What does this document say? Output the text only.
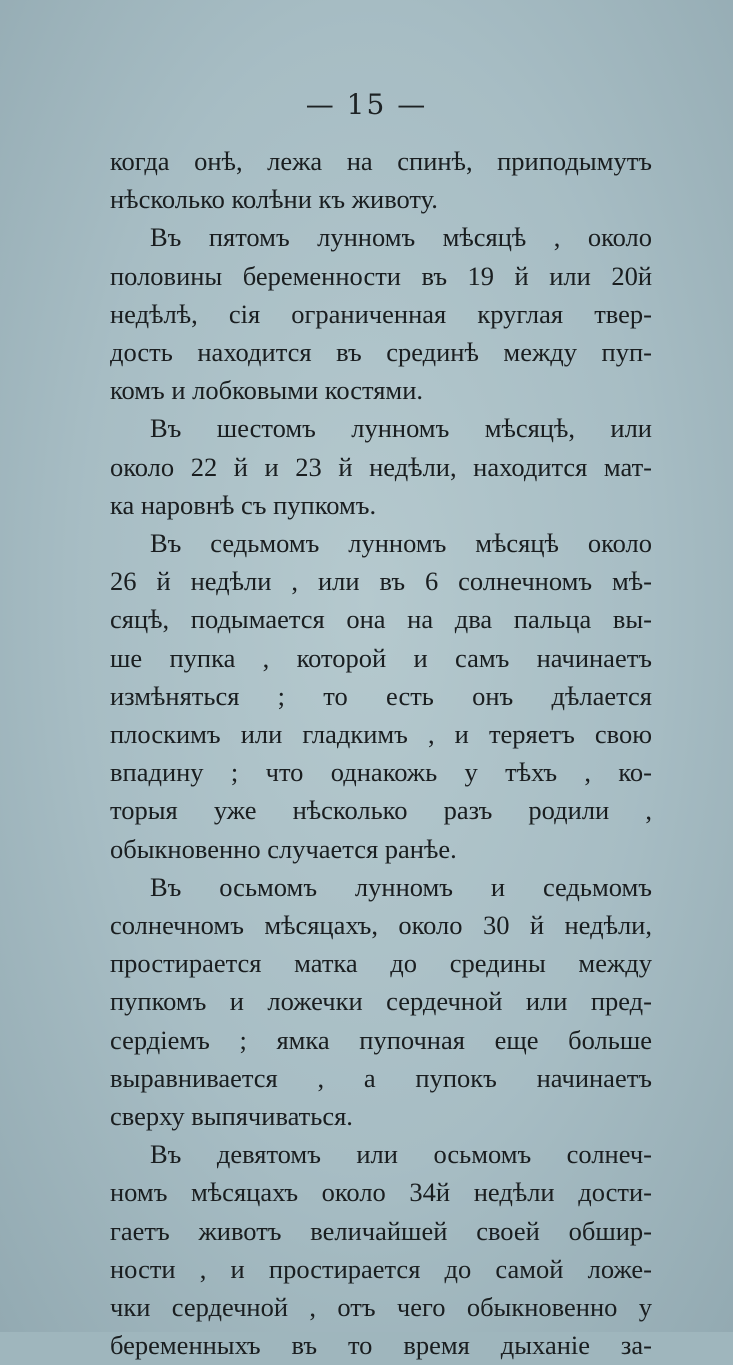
— 15 —

когда онѣ, лежа на спинѣ, приподымутъ
нѣсколько колѣни къ животу.

Въ пятомъ лунномъ мѣсяцѣ , около
половины беременности въ 19 й или 20й
недѣлѣ, сія ограниченная круглая твер-
дость находится въ срединѣ между пуп-
комъ и лобковыми костями.

Въ шестомъ лунномъ мѣсяцѣ, или
около 22 й и 23 й недѣли, находится мат-
ка наровнѣ съ пупкомъ.

Въ седьмомъ лунномъ мѣсяцѣ около
26 й недѣли , или въ 6 солнечномъ мѣ-
сяцѣ, подымается она на два пальца вы-
ше пупка , которой и самъ начинаетъ
измѣняться ; то есть онъ дѣлается
плоскимъ или гладкимъ , и теряетъ свою
впадину ; что однакожь у тѣхъ , ко-
торыя уже нѣсколько разъ родили ,
обыкновенно случается ранѣе.

Въ осьмомъ лунномъ и седьмомъ
солнечномъ мѣсяцахъ, около 30 й недѣли,
простирается матка до средины между
пупкомъ и ложечки сердечной или пред-
сердіемъ ; ямка пупочная еще больше
выравнивается , а пупокъ начинаетъ
сверху выпячиваться.

Въ девятомъ или осьмомъ солнеч-
номъ мѣсяцахъ около 34й недѣли дости-
гаетъ животъ величайшей своей обшир-
ности , и простирается до самой ложе-
чки сердечной , отъ чего обыкновенно у
беременныхъ въ то время дыханіе за-
